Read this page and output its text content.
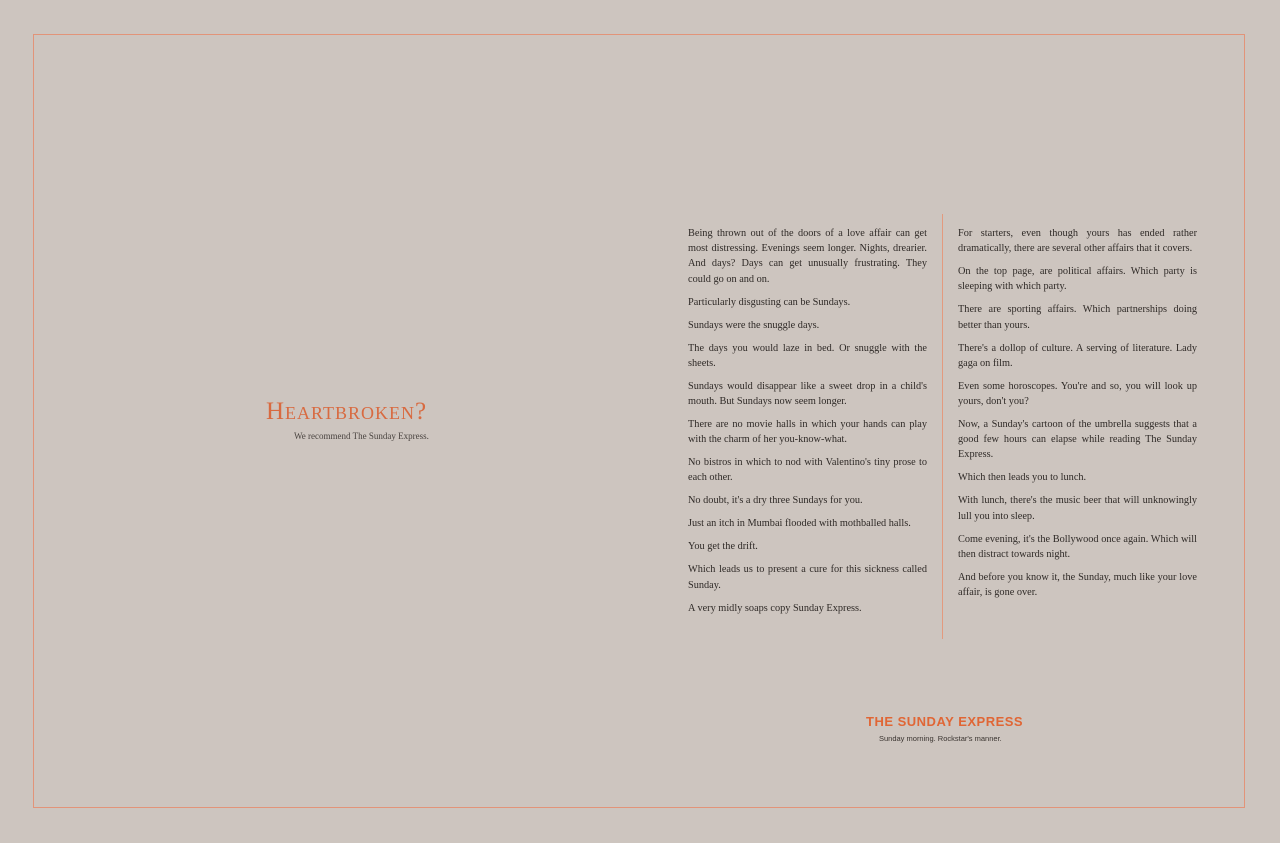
Heartbroken?
We recommend The Sunday Express.

Being thrown out of the doors of a love affair can get most distressing. Evenings seem longer. Nights, drearier. And days? Days can get unusually frustrating. They could go on and on.

Particularly disgusting can be Sundays.

Sundays were the snuggle days.

The days you would laze in bed. Or snuggle with the sheets.

Sundays would disappear like a sweet drop in a child's mouth. But Sundays now seem longer.

There are no movie halls in which your hands can play with the charm of her you-know-what.

No bistros in which to nod with Valentino's tiny prose to each other.

No doubt, it's a dry three Sundays for you.

Just an itch in Mumbai flooded with mothballed halls.

You get the drift.

Which leads us to present a cure for this sickness called Sunday.

A very midly soaps copy Sunday Express.

For starters, even though yours has ended rather dramatically, there are several other affairs that it covers.

On the top page, are political affairs. Which party is sleeping with which party.

There are sporting affairs. Which partnerships doing better than yours.

There's a dollop of culture. A serving of literature. Lady gaga on film.

Even some horoscopes. You're and so, you will look up yours, don't you?

Now, a Sunday's cartoon of the umbrella suggests that a good few hours can elapse while reading The Sunday Express.

Which then leads you to lunch.

With lunch, there's the music beer that will unknowingly lull you into sleep.

Come evening, it's the Bollywood once again. Which will then distract towards night.

And before you know it, the Sunday, much like your love affair, is gone over.

THE SUNDAY EXPRESS
Sunday morning. Rockstar's manner.
